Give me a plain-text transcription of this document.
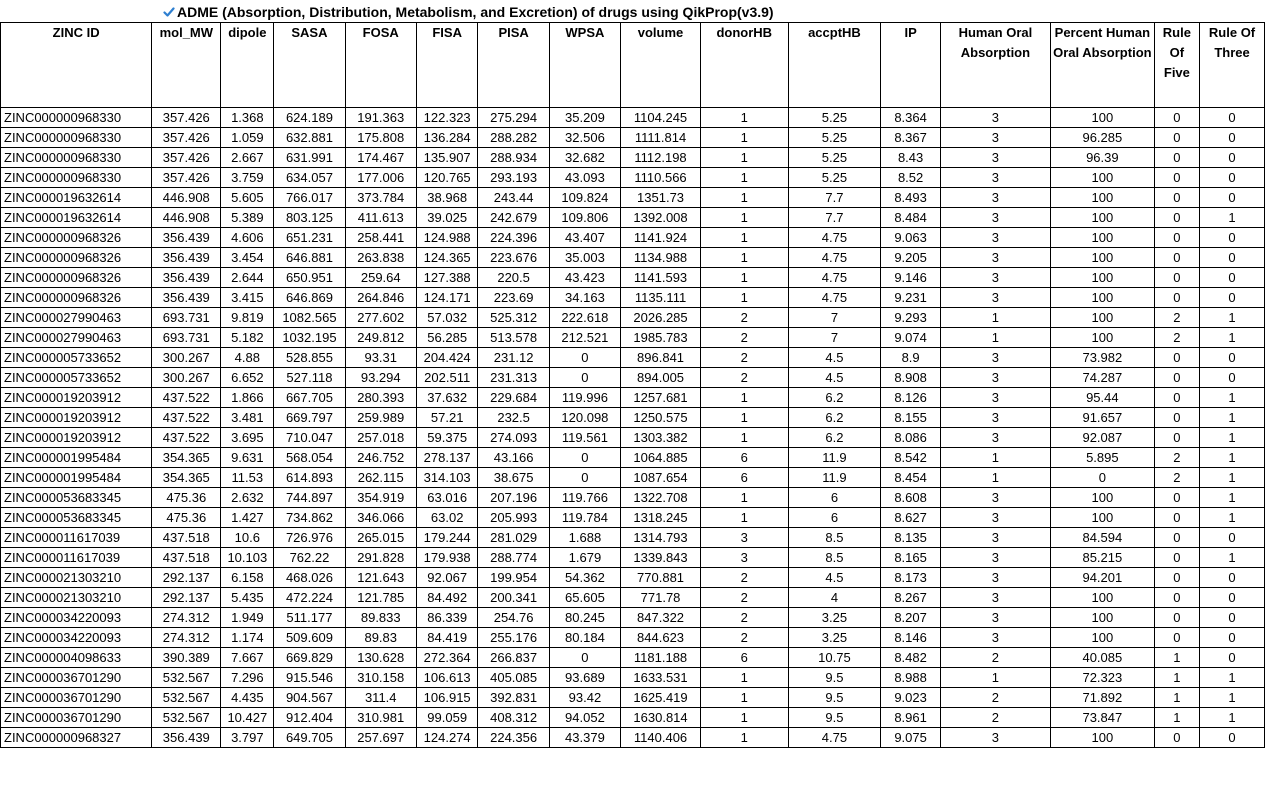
ADME (Absorption, Distribution, Metabolism, and Excretion) of drugs using QikProp(v3.9)
ZINC ID	mol_MW	dipole	SASA	FOSA	FISA	PISA	WPSA	volume	donorHB	accptHB	IP	Human Oral Absorption	Percent Human Oral Absorption	Rule Of Five	Rule Of Three
ZINC000000968330	357.426	1.368	624.189	191.363	122.323	275.294	35.209	1104.245	1	5.25	8.364	3	100	0	0
ZINC000000968330	357.426	1.059	632.881	175.808	136.284	288.282	32.506	1111.814	1	5.25	8.367	3	96.285	0	0
ZINC000000968330	357.426	2.667	631.991	174.467	135.907	288.934	32.682	1112.198	1	5.25	8.43	3	96.39	0	0
ZINC000000968330	357.426	3.759	634.057	177.006	120.765	293.193	43.093	1110.566	1	5.25	8.52	3	100	0	0
ZINC000019632614	446.908	5.605	766.017	373.784	38.968	243.44	109.824	1351.73	1	7.7	8.493	3	100	0	0
ZINC000019632614	446.908	5.389	803.125	411.613	39.025	242.679	109.806	1392.008	1	7.7	8.484	3	100	0	1
ZINC000000968326	356.439	4.606	651.231	258.441	124.988	224.396	43.407	1141.924	1	4.75	9.063	3	100	0	0
ZINC000000968326	356.439	3.454	646.881	263.838	124.365	223.676	35.003	1134.988	1	4.75	9.205	3	100	0	0
ZINC000000968326	356.439	2.644	650.951	259.64	127.388	220.5	43.423	1141.593	1	4.75	9.146	3	100	0	0
ZINC000000968326	356.439	3.415	646.869	264.846	124.171	223.69	34.163	1135.111	1	4.75	9.231	3	100	0	0
ZINC000027990463	693.731	9.819	1082.565	277.602	57.032	525.312	222.618	2026.285	2	7	9.293	1	100	2	1
ZINC000027990463	693.731	5.182	1032.195	249.812	56.285	513.578	212.521	1985.783	2	7	9.074	1	100	2	1
ZINC000005733652	300.267	4.88	528.855	93.31	204.424	231.12	0	896.841	2	4.5	8.9	3	73.982	0	0
ZINC000005733652	300.267	6.652	527.118	93.294	202.511	231.313	0	894.005	2	4.5	8.908	3	74.287	0	0
ZINC000019203912	437.522	1.866	667.705	280.393	37.632	229.684	119.996	1257.681	1	6.2	8.126	3	95.44	0	1
ZINC000019203912	437.522	3.481	669.797	259.989	57.21	232.5	120.098	1250.575	1	6.2	8.155	3	91.657	0	1
ZINC000019203912	437.522	3.695	710.047	257.018	59.375	274.093	119.561	1303.382	1	6.2	8.086	3	92.087	0	1
ZINC000001995484	354.365	9.631	568.054	246.752	278.137	43.166	0	1064.885	6	11.9	8.542	1	5.895	2	1
ZINC000001995484	354.365	11.53	614.893	262.115	314.103	38.675	0	1087.654	6	11.9	8.454	1	0	2	1
ZINC000053683345	475.36	2.632	744.897	354.919	63.016	207.196	119.766	1322.708	1	6	8.608	3	100	0	1
ZINC000053683345	475.36	1.427	734.862	346.066	63.02	205.993	119.784	1318.245	1	6	8.627	3	100	0	1
ZINC000011617039	437.518	10.6	726.976	265.015	179.244	281.029	1.688	1314.793	3	8.5	8.135	3	84.594	0	0
ZINC000011617039	437.518	10.103	762.22	291.828	179.938	288.774	1.679	1339.843	3	8.5	8.165	3	85.215	0	1
ZINC000021303210	292.137	6.158	468.026	121.643	92.067	199.954	54.362	770.881	2	4.5	8.173	3	94.201	0	0
ZINC000021303210	292.137	5.435	472.224	121.785	84.492	200.341	65.605	771.78	2	4	8.267	3	100	0	0
ZINC000034220093	274.312	1.949	511.177	89.833	86.339	254.76	80.245	847.322	2	3.25	8.207	3	100	0	0
ZINC000034220093	274.312	1.174	509.609	89.83	84.419	255.176	80.184	844.623	2	3.25	8.146	3	100	0	0
ZINC000004098633	390.389	7.667	669.829	130.628	272.364	266.837	0	1181.188	6	10.75	8.482	2	40.085	1	0
ZINC000036701290	532.567	7.296	915.546	310.158	106.613	405.085	93.689	1633.531	1	9.5	8.988	1	72.323	1	1
ZINC000036701290	532.567	4.435	904.567	311.4	106.915	392.831	93.42	1625.419	1	9.5	9.023	2	71.892	1	1
ZINC000036701290	532.567	10.427	912.404	310.981	99.059	408.312	94.052	1630.814	1	9.5	8.961	2	73.847	1	1
ZINC000000968327	356.439	3.797	649.705	257.697	124.274	224.356	43.379	1140.406	1	4.75	9.075	3	100	0	0
